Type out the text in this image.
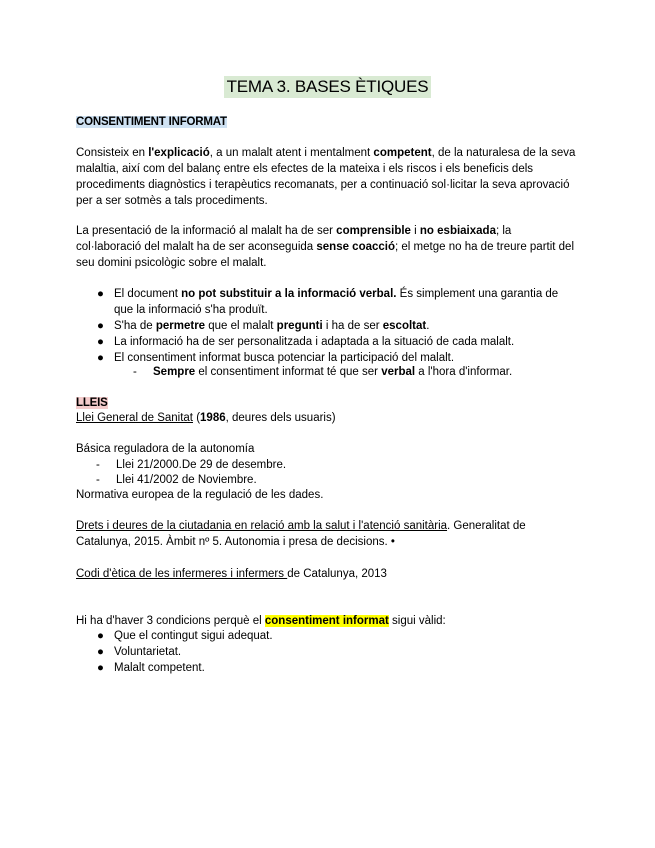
TEMA 3. BASES ÈTIQUES
CONSENTIMENT INFORMAT
Consisteix en l'explicació, a un malalt atent i mentalment competent, de la naturalesa de la seva malaltia, així com del balanç entre els efectes de la mateixa i els riscos i els beneficis dels procediments diagnòstics i terapèutics recomanats, per a continuació sol·licitar la seva aprovació per a ser sotmès a tals procediments.
La presentació de la informació al malalt ha de ser comprensible i no esbiaixada; la col·laboració del malalt ha de ser aconseguida sense coacció; el metge no ha de treure partit del seu domini psicològic sobre el malalt.
● El document no pot substituir a la informació verbal. És simplement una garantia de que la informació s'ha produït.
● S'ha de permetre que el malalt pregunti i ha de ser escoltat.
● La informació ha de ser personalitzada i adaptada a la situació de cada malalt.
● El consentiment informat busca potenciar la participació del malalt.
- Sempre el consentiment informat té que ser verbal a l'hora d'informar.
LLEIS
Llei General de Sanitat (1986, deures dels usuaris)
Básica reguladora de la autonomía
- Llei 21/2000.De 29 de desembre.
- Llei 41/2002 de Noviembre.
Normativa europea de la regulació de les dades.
Drets i deures de la ciutadania en relació amb la salut i l'atenció sanitària. Generalitat de Catalunya, 2015. Àmbit nº 5. Autonomia i presa de decisions. •
Codi d'ètica de les infermeres i infermers de Catalunya, 2013
Hi ha d'haver 3 condicions perquè el consentiment informat sigui vàlid:
● Que el contingut sigui adequat.
● Voluntarietat.
● Malalt competent.
